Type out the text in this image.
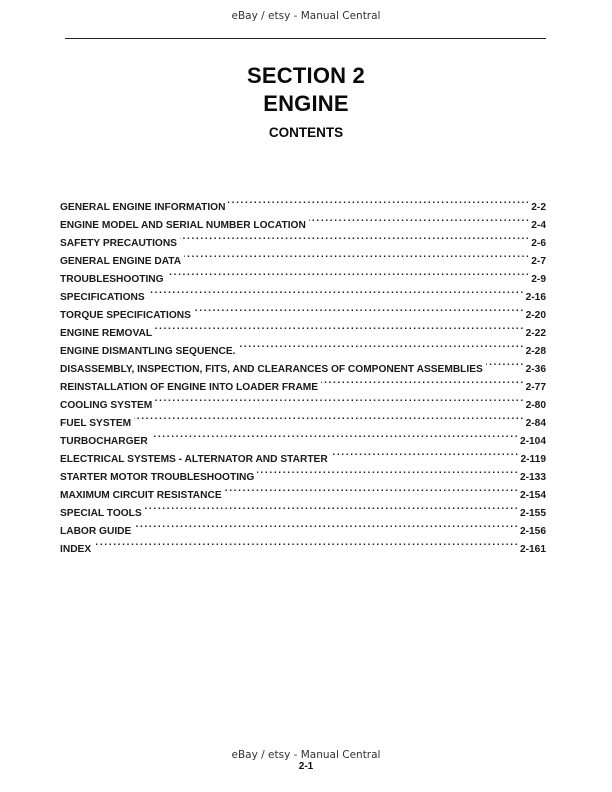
eBay / etsy - Manual Central
SECTION 2
ENGINE
CONTENTS
GENERAL ENGINE INFORMATION . . .	2-2
ENGINE MODEL AND SERIAL NUMBER LOCATION . . .	2-4
SAFETY PRECAUTIONS . . .	2-6
GENERAL ENGINE DATA . . .	2-7
TROUBLESHOOTING . . .	2-9
SPECIFICATIONS . . .	2-16
TORQUE SPECIFICATIONS . . .	2-20
ENGINE REMOVAL . . .	2-22
ENGINE DISMANTLING SEQUENCE. . . .	2-28
DISASSEMBLY, INSPECTION, FITS, AND CLEARANCES OF COMPONENT ASSEMBLIES . . .	2-36
REINSTALLATION OF ENGINE INTO LOADER FRAME . . .	2-77
COOLING SYSTEM . . .	2-80
FUEL SYSTEM . . .	2-84
TURBOCHARGER . . .	2-104
ELECTRICAL SYSTEMS - ALTERNATOR AND STARTER . . .	2-119
STARTER MOTOR TROUBLESHOOTING . . .	2-133
MAXIMUM CIRCUIT RESISTANCE . . .	2-154
SPECIAL TOOLS . . .	2-155
LABOR GUIDE . . .	2-156
INDEX . . .	2-161
eBay / etsy - Manual Central
2-1
